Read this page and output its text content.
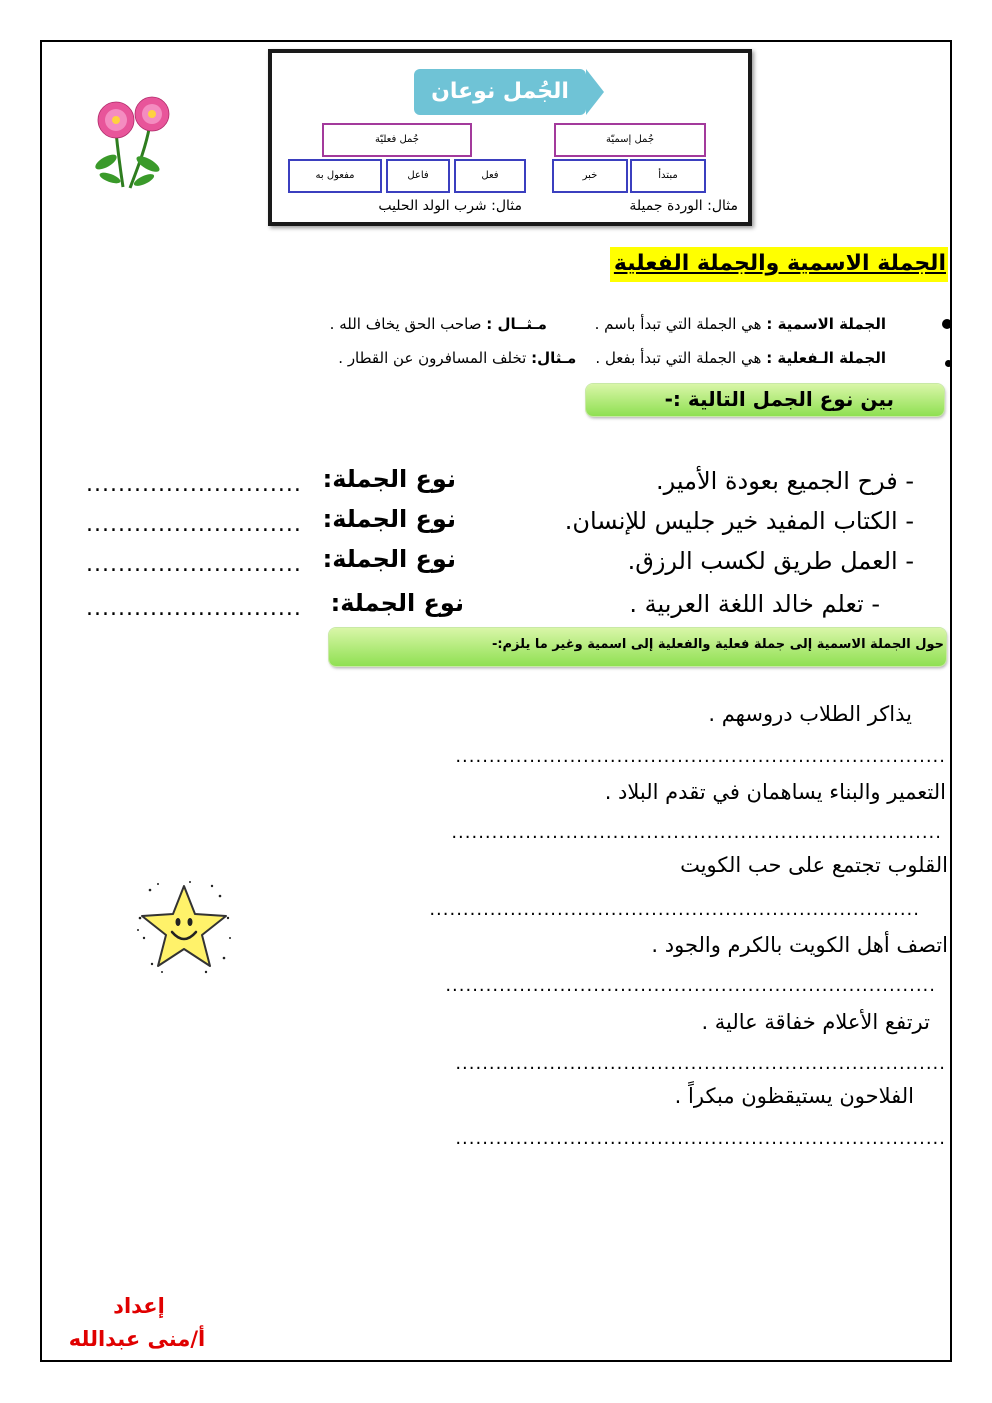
الجُمل نوعان
جُمل إسميّة
جُمل فعليّة
مبتدأ
خبر
فعل
فاعل
مفعول به
مثال: الوردة جميلة
مثال: شرب الولد الحليب
الجملة الاسمية والجملة الفعلية
الجملة الاسمية : هي الجملة التي تبدأ باسم .          مـثــال : صاحب الحق يخاف الله .
الجملة الـفعلية : هي الجملة التي تبدأ بفعل .    مـثال: تخلف المسافرون عن القطار .
بين نوع الجمل التالية :-
- فرح الجميع بعودة الأمير.
نوع الجملة:
...........................
- الكتاب المفيد خير جليس للإنسان.
نوع الجملة:
...........................
- العمل طريق لكسب الرزق.
نوع الجملة:
...........................
- تعلم خالد اللغة العربية .
نوع الجملة:
...........................
حول الجملة الاسمية إلى جملة فعلية والفعلية إلى اسمية وغير ما يلزم:-
يذاكر الطلاب دروسهم .
.........................................................................
التعمير والبناء يساهمان في تقدم البلاد .
.........................................................................
القلوب تجتمع على حب الكويت
.........................................................................
اتصف أهل الكويت بالكرم والجود .
.........................................................................
ترتفع الأعلام خفاقة عالية .
.........................................................................
الفلاحون يستيقظون مبكراً .
.........................................................................
إعداد
أ/منى عبدالله
